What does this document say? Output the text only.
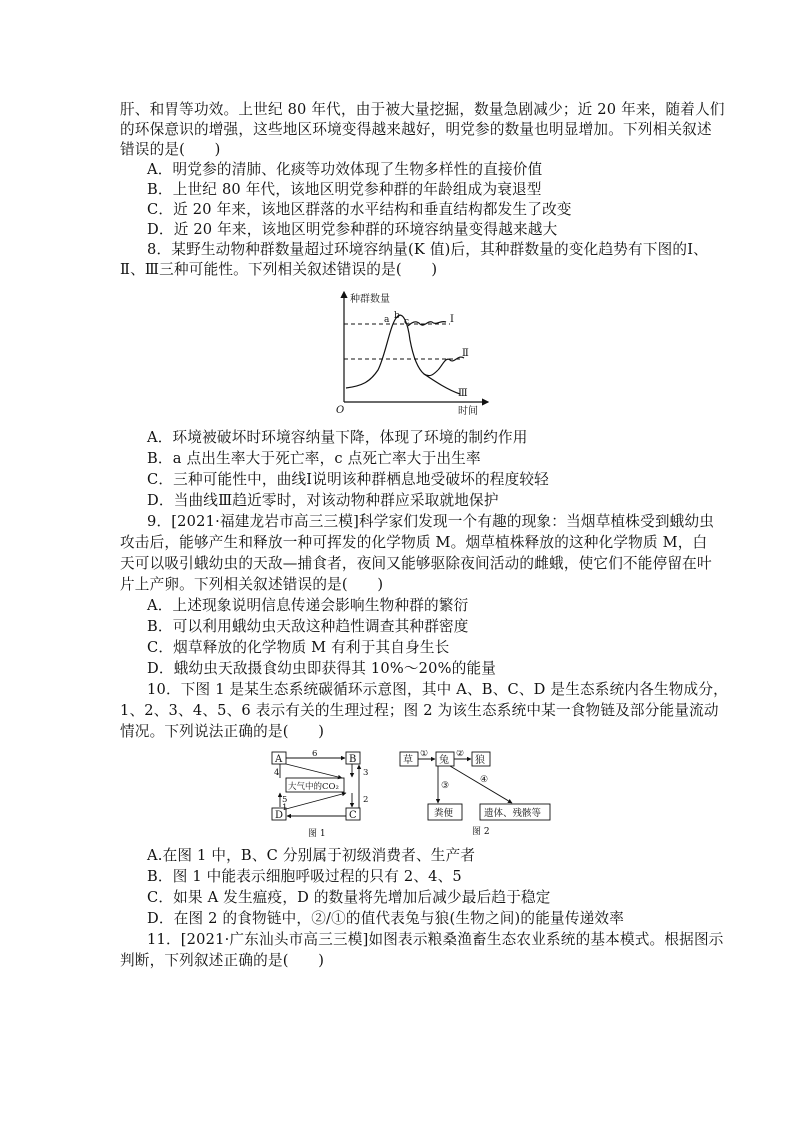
肝、和胃等功效。上世纪 80 年代，由于被大量挖掘，数量急剧减少；近 20 年来，随着人们
的环保意识的增强，这些地区环境变得越来越好，明党参的数量也明显增加。下列相关叙述
错误的是(　　)
A．明党参的清肺、化痰等功效体现了生物多样性的直接价值
B．上世纪 80 年代，该地区明党参种群的年龄组成为衰退型
C．近 20 年来，该地区群落的水平结构和垂直结构都发生了改变
D．近 20 年来，该地区明党参种群的环境容纳量变得越来越大
8．某野生动物种群数量超过环境容纳量(K 值)后，其种群数量的变化趋势有下图的Ⅰ、
Ⅱ、Ⅲ三种可能性。下列相关叙述错误的是(　　)
种群数量
时间
O
a b
c	Ⅰ
Ⅱ
Ⅲ
A．环境被破坏时环境容纳量下降，体现了环境的制约作用
B．a 点出生率大于死亡率，c 点死亡率大于出生率
C．三种可能性中，曲线Ⅰ说明该种群栖息地受破坏的程度较轻
D．当曲线Ⅲ趋近零时，对该动物种群应采取就地保护
9．[2021·福建龙岩市高三三模]科学家们发现一个有趣的现象：当烟草植株受到蛾幼虫
攻击后，能够产生和释放一种可挥发的化学物质 M。烟草植株释放的这种化学物质 M，白
天可以吸引蛾幼虫的天敌—捕食者，夜间又能够驱除夜间活动的雌蛾，使它们不能停留在叶
片上产卵。下列相关叙述错误的是(　　)
A．上述现象说明信息传递会影响生物种群的繁衍
B．可以利用蛾幼虫天敌这种趋性调查其种群密度
C．烟草释放的化学物质 M 有利于其自身生长
D．蛾幼虫天敌摄食幼虫即获得其 10%～20%的能量
10．下图 1 是某生态系统碳循环示意图，其中 A、B、C、D 是生态系统内各生物成分，
1、2、3、4、5、6 表示有关的生理过程；图 2 为该生态系统中某一食物链及部分能量流动
情况。下列说法正确的是(　　)
A	B
C
D
大气中的CO₂
6
4	3
5	2
1
图 1
草	兔	狼
①	②
粪便	遗体、残骸等
③
④
图 2
A.在图 1 中，B、C 分别属于初级消费者、生产者
B．图 1 中能表示细胞呼吸过程的只有 2、4、5
C．如果 A 发生瘟疫，D 的数量将先增加后减少最后趋于稳定
D．在图 2 的食物链中，②/①的值代表兔与狼(生物之间)的能量传递效率
11．[2021·广东汕头市高三三模]如图表示粮桑渔畜生态农业系统的基本模式。根据图示
判断，下列叙述正确的是(　　)
